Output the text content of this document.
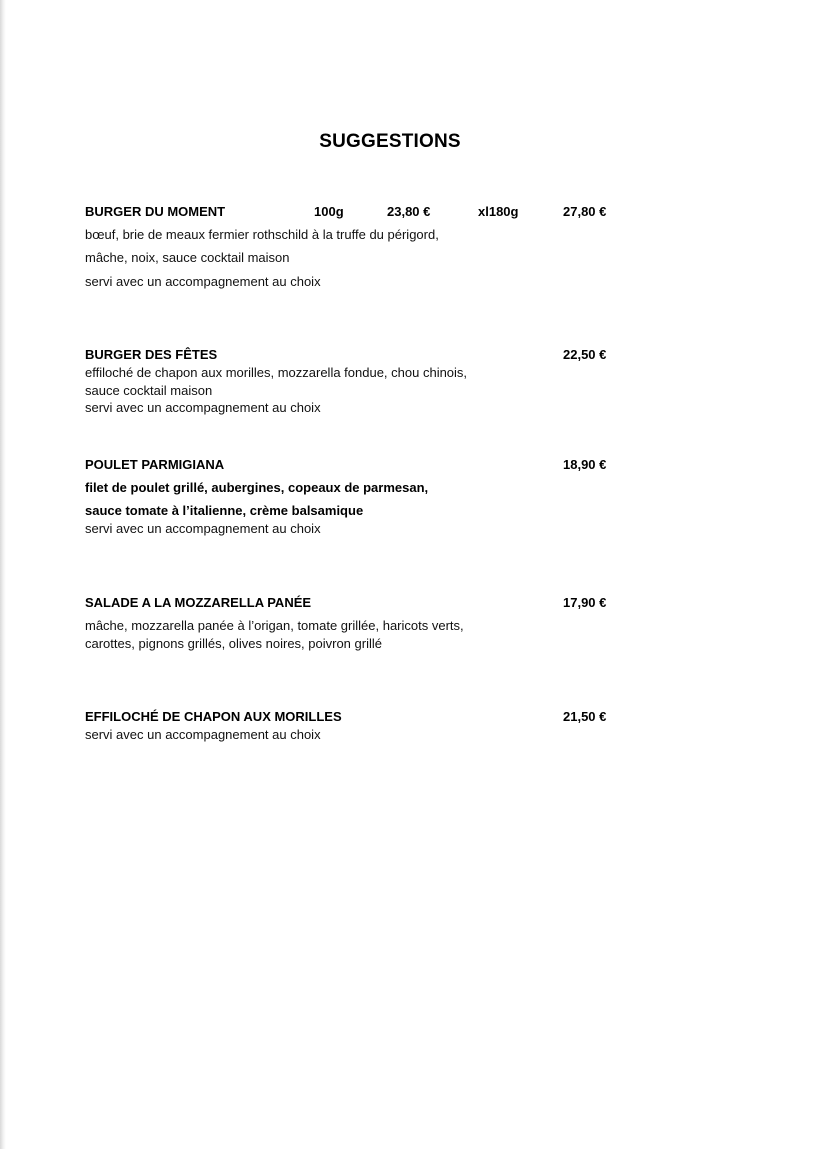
SUGGESTIONS
BURGER DU MOMENT	100g	23,80 €	xl180g	27,80 €
bœuf, brie de meaux fermier rothschild à la truffe du périgord,
mâche, noix, sauce cocktail maison
servi avec un accompagnement au choix
BURGER DES FÊTES	22,50 €
effiloché de chapon aux morilles, mozzarella fondue, chou chinois,
sauce cocktail maison
servi avec un accompagnement au choix
POULET PARMIGIANA	18,90 €
filet de poulet grillé, aubergines, copeaux de parmesan,
sauce tomate à l’italienne, crème balsamique
servi avec un accompagnement au choix
SALADE A LA MOZZARELLA PANÉE	17,90 €
mâche, mozzarella panée à l’origan, tomate grillée, haricots verts,
carottes, pignons grillés, olives noires, poivron grillé
EFFILOCHÉ DE CHAPON AUX MORILLES	21,50 €
servi avec un accompagnement au choix
